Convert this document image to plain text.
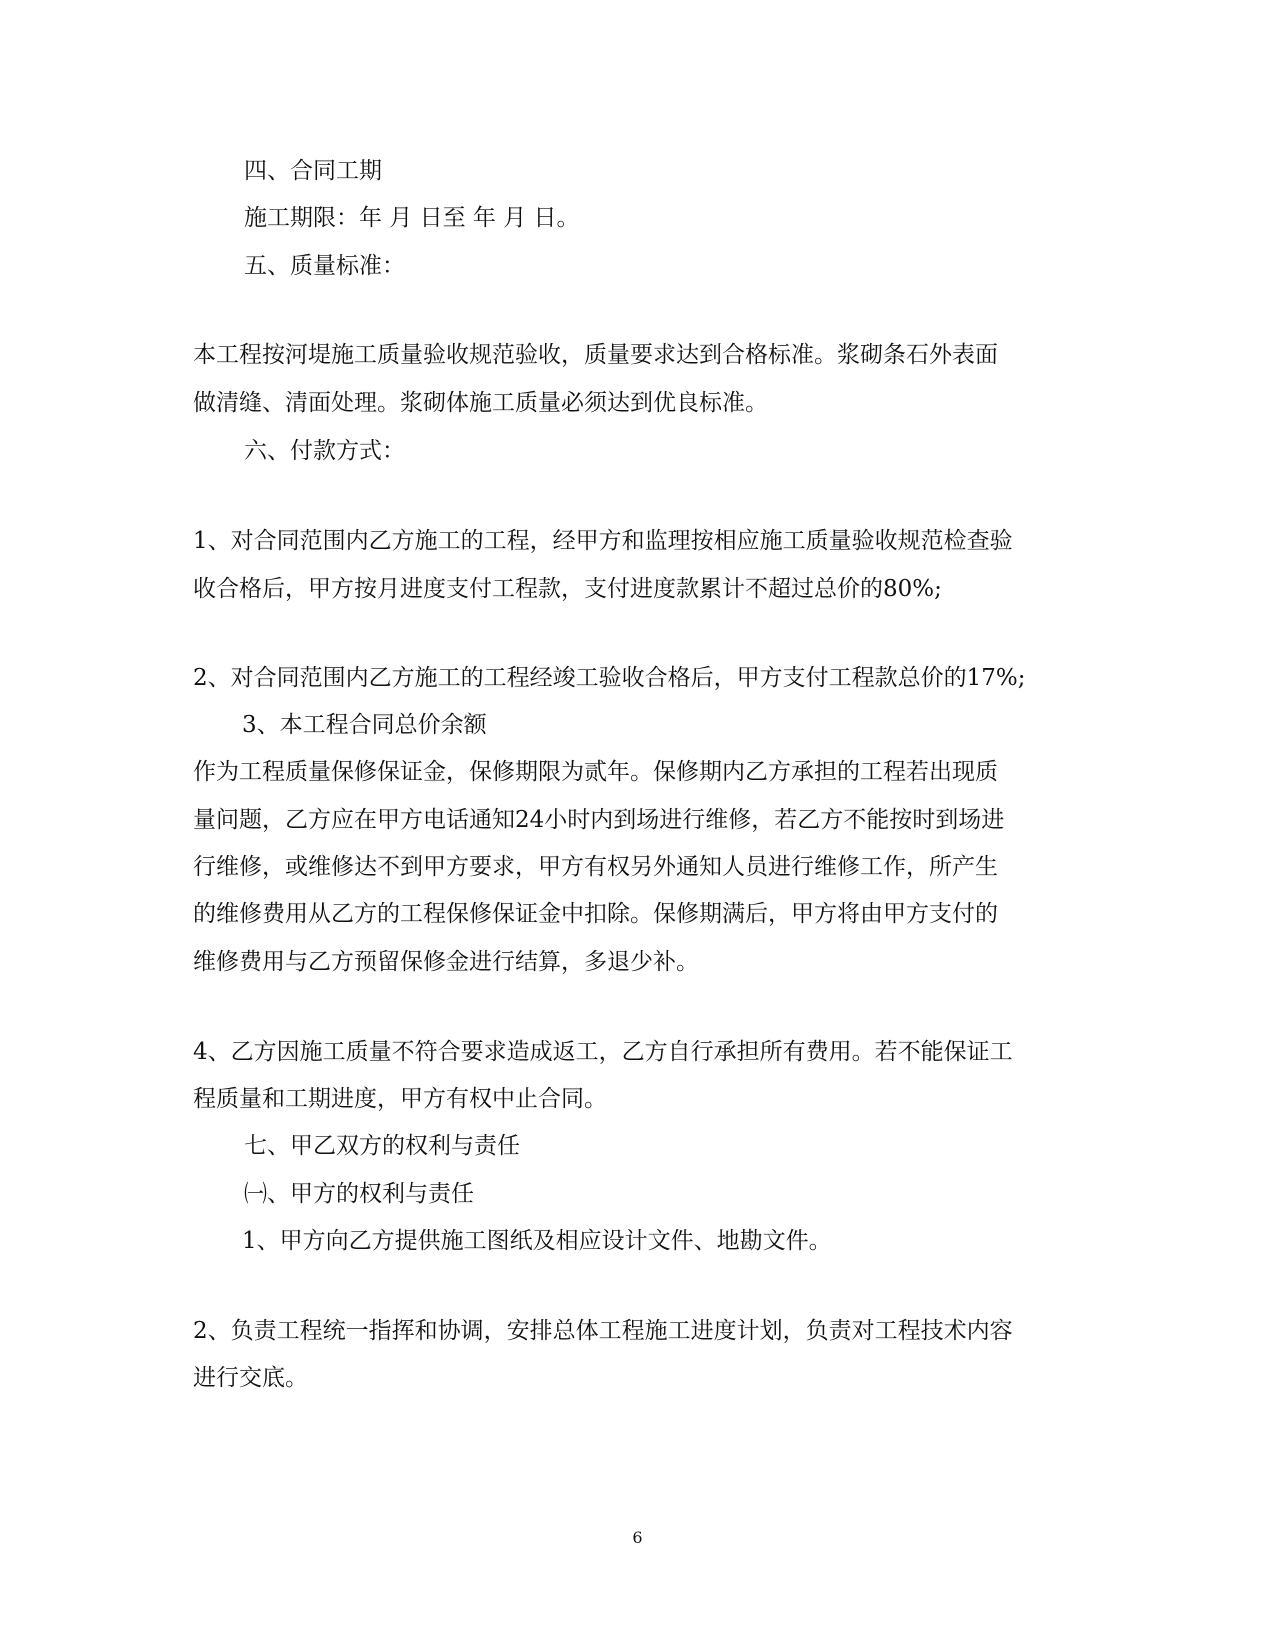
四、合同工期
施工期限：年 月 日至 年 月 日。
五、质量标准：
本工程按河堤施工质量验收规范验收，质量要求达到合格标准。浆砌条石外表面
做清缝、清面处理。浆砌体施工质量必须达到优良标准。
六、付款方式：
1、对合同范围内乙方施工的工程，经甲方和监理按相应施工质量验收规范检查验
收合格后，甲方按月进度支付工程款，支付进度款累计不超过总价的80%;
2、对合同范围内乙方施工的工程经竣工验收合格后，甲方支付工程款总价的17%;
3、本工程合同总价余额
作为工程质量保修保证金，保修期限为贰年。保修期内乙方承担的工程若出现质
量问题，乙方应在甲方电话通知24小时内到场进行维修，若乙方不能按时到场进
行维修，或维修达不到甲方要求，甲方有权另外通知人员进行维修工作，所产生
的维修费用从乙方的工程保修保证金中扣除。保修期满后，甲方将由甲方支付的
维修费用与乙方预留保修金进行结算，多退少补。
4、乙方因施工质量不符合要求造成返工，乙方自行承担所有费用。若不能保证工
程质量和工期进度，甲方有权中止合同。
七、甲乙双方的权利与责任
㈠、甲方的权利与责任
1、甲方向乙方提供施工图纸及相应设计文件、地勘文件。
2、负责工程统一指挥和协调，安排总体工程施工进度计划，负责对工程技术内容
进行交底。
6
